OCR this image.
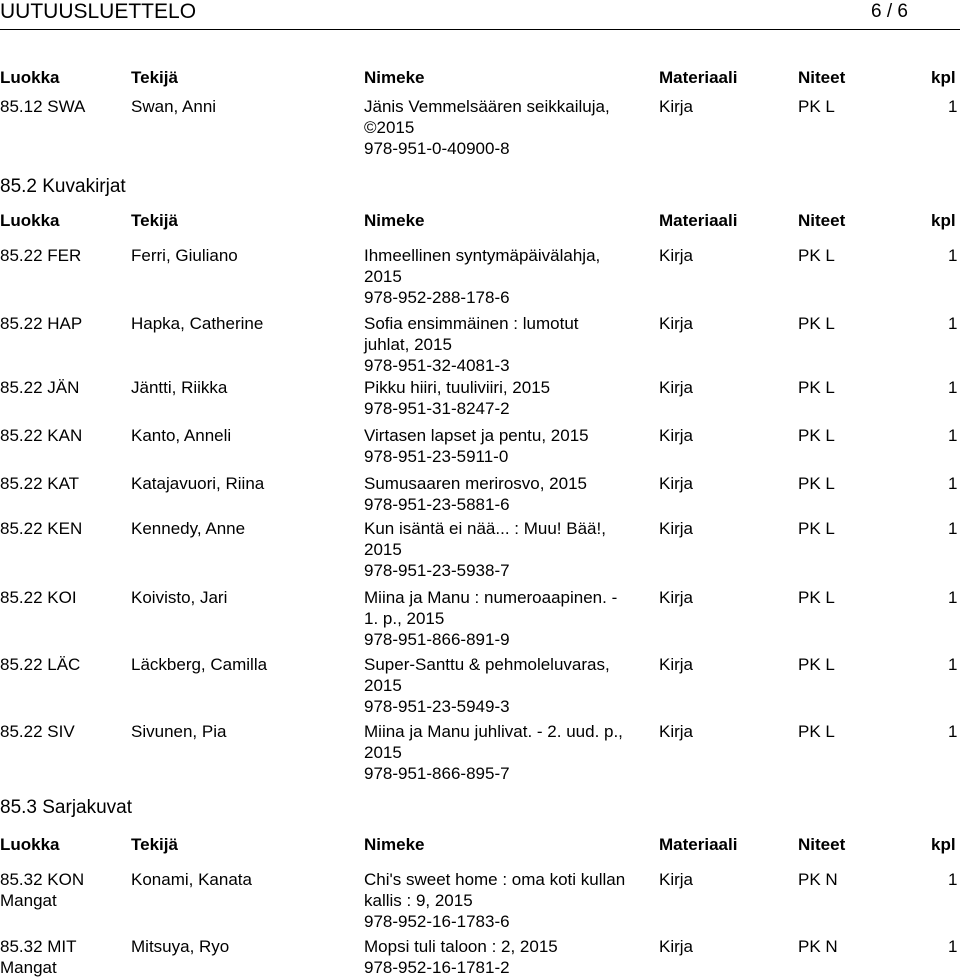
UUTUUSLUETTELO	6 / 6
Luokka	Tekijä	Nimeke	Materiaali	Niteet	kpl
85.12 SWA	Swan, Anni	Jänis Vemmelsäären seikkailuja,
©2015
978-951-0-40900-8
Kirja	PK L	1
85.2 Kuvakirjat
Luokka	Tekijä	Nimeke	Materiaali	Niteet	kpl
85.22 FER	Ferri, Giuliano	Ihmeellinen syntymäpäivälahja,
2015
978-952-288-178-6
Kirja	PK L	1
85.22 HAP	Hapka, Catherine	Sofia ensimmäinen : lumotut
juhlat, 2015
978-951-32-4081-3
Kirja	PK L	1
85.22 JÄN	Jäntti, Riikka	Pikku hiiri, tuuliviiri, 2015
978-951-31-8247-2
Kirja	PK L	1
85.22 KAN	Kanto, Anneli	Virtasen lapset ja pentu, 2015
978-951-23-5911-0
Kirja	PK L	1
85.22 KAT	Katajavuori, Riina	Sumusaaren merirosvo, 2015
978-951-23-5881-6
Kirja	PK L	1
85.22 KEN	Kennedy, Anne	Kun isäntä ei nää... : Muu! Bää!,
2015
978-951-23-5938-7
Kirja	PK L	1
85.22 KOI	Koivisto, Jari	Miina ja Manu : numeroaapinen. -
1. p., 2015
978-951-866-891-9
Kirja	PK L	1
85.22 LÄC	Läckberg, Camilla	Super-Santtu & pehmoleluvaras,
2015
978-951-23-5949-3
Kirja	PK L	1
85.22 SIV	Sivunen, Pia	Miina ja Manu juhlivat. - 2. uud. p.,
2015
978-951-866-895-7
Kirja	PK L	1
85.3 Sarjakuvat
Luokka	Tekijä	Nimeke	Materiaali	Niteet	kpl
85.32 KON
Mangat
Konami, Kanata	Chi's sweet home : oma koti kullan
kallis : 9, 2015
978-952-16-1783-6
Kirja	PK N	1
85.32 MIT
Mangat
Mitsuya, Ryo	Mopsi tuli taloon : 2, 2015
978-952-16-1781-2
Kirja	PK N	1
